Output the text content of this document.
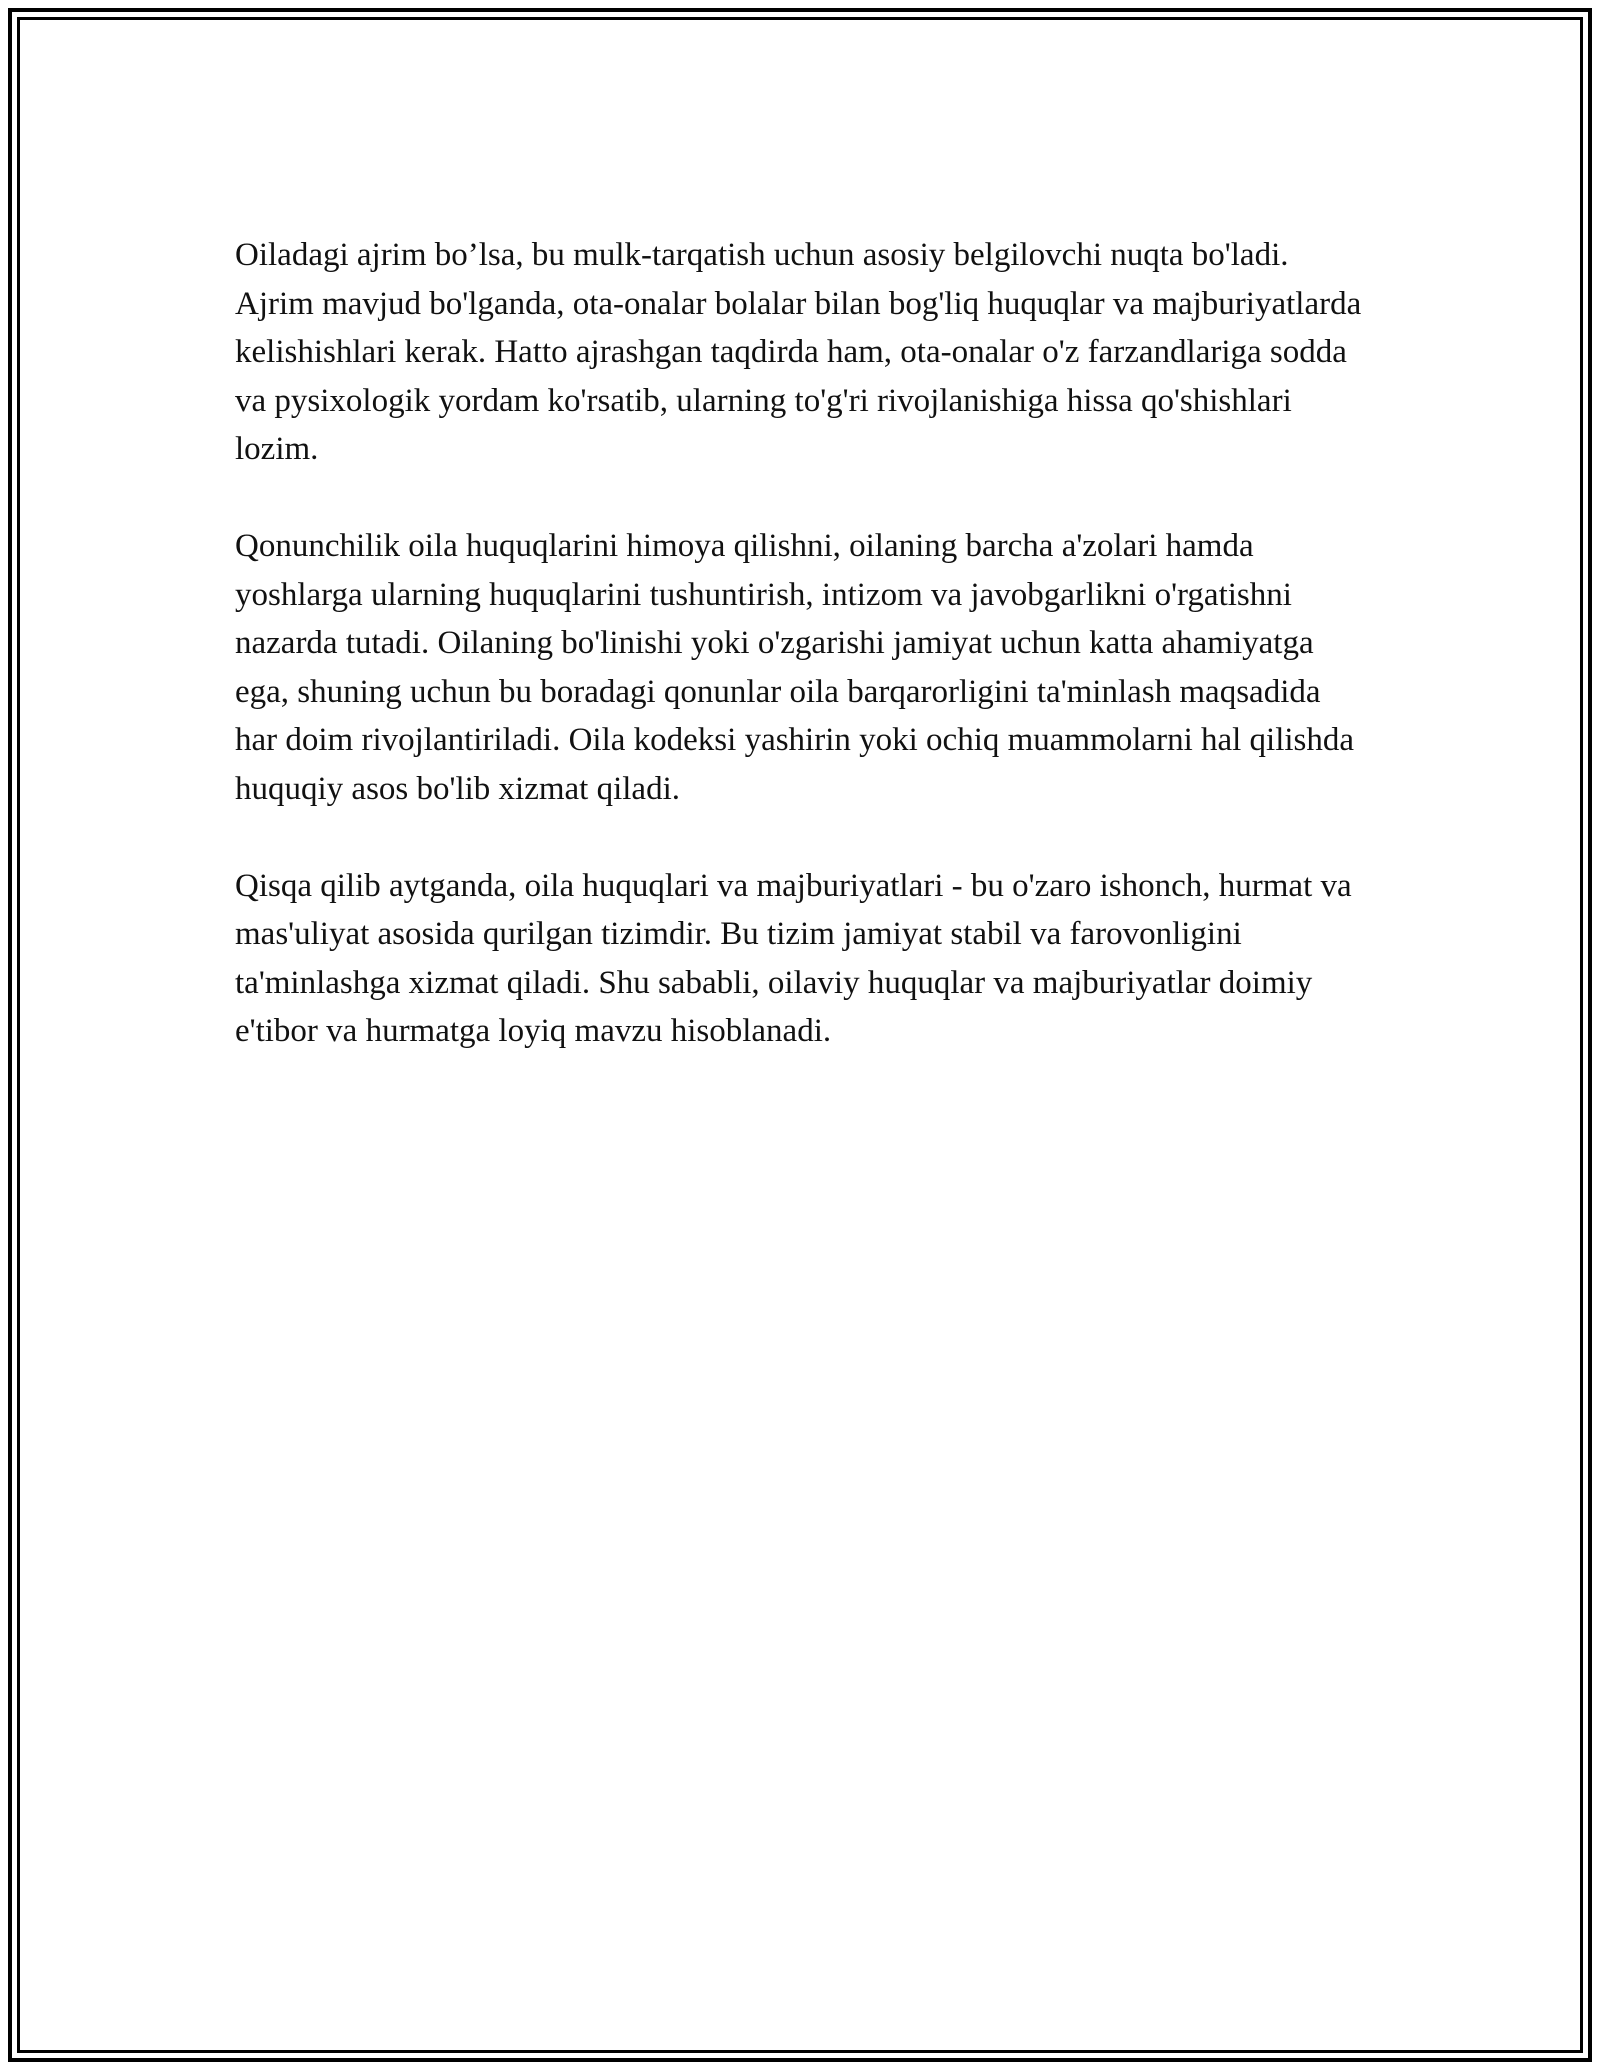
Oiladagi ajrim bo’lsa, bu mulk-tarqatish uchun asosiy belgilovchi nuqta bo'ladi. Ajrim mavjud bo'lganda, ota-onalar bolalar bilan bog'liq huquqlar va majburiyatlarda kelishishlari kerak. Hatto ajrashgan taqdirda ham, ota-onalar o'z farzandlariga sodda va pysixologik yordam ko'rsatib, ularning to'g'ri rivojlanishiga hissa qo'shishlari lozim.

Qonunchilik oila huquqlarini himoya qilishni, oilaning barcha a'zolari hamda yoshlarga ularning huquqlarini tushuntirish, intizom va javobgarlikni o'rgatishni nazarda tutadi. Oilaning bo'linishi yoki o'zgarishi jamiyat uchun katta ahamiyatga ega, shuning uchun bu boradagi qonunlar oila barqarorligini ta'minlash maqsadida har doim rivojlantiriladi. Oila kodeksi yashirin yoki ochiq muammolarni hal qilishda huquqiy asos bo'lib xizmat qiladi.

Qisqa qilib aytganda, oila huquqlari va majburiyatlari - bu o'zaro ishonch, hurmat va mas'uliyat asosida qurilgan tizimdir. Bu tizim jamiyat stabil va farovonligini ta'minlashga xizmat qiladi. Shu sababli, oilaviy huquqlar va majburiyatlar doimiy e'tibor va hurmatga loyiq mavzu hisoblanadi.
